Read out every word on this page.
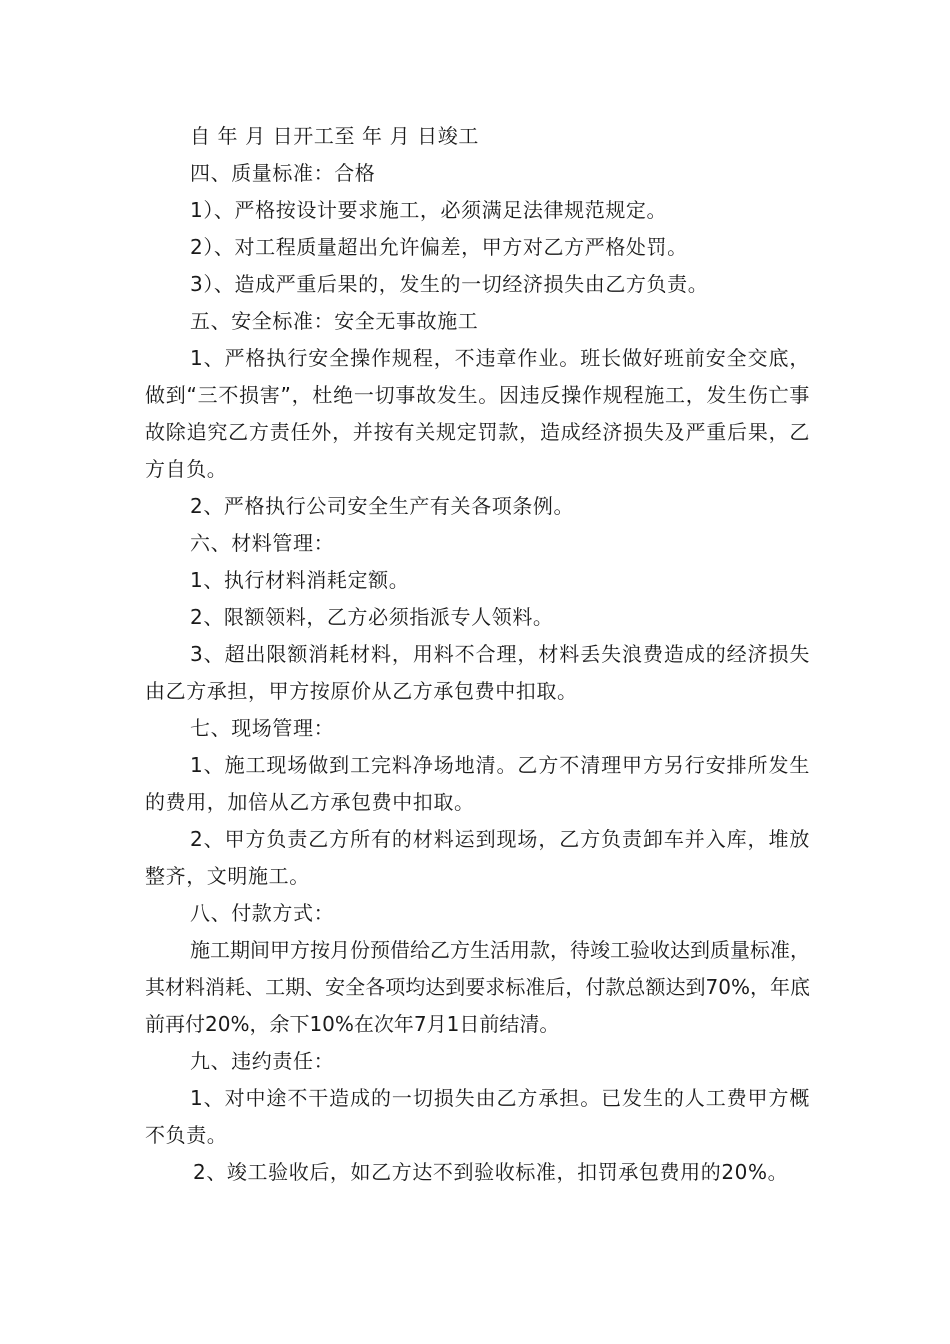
自 年 月 日开工至 年 月 日竣工

四、质量标准：合格

1）、严格按设计要求施工，必须满足法律规范规定。

2）、对工程质量超出允许偏差，甲方对乙方严格处罚。

3）、造成严重后果的，发生的一切经济损失由乙方负责。

五、安全标准：安全无事故施工

1、严格执行安全操作规程，不违章作业。班长做好班前安全交底，做到“三不损害”，杜绝一切事故发生。因违反操作规程施工，发生伤亡事故除追究乙方责任外，并按有关规定罚款，造成经济损失及严重后果，乙方自负。

2、严格执行公司安全生产有关各项条例。

六、材料管理：

1、执行材料消耗定额。

2、限额领料，乙方必须指派专人领料。

3、超出限额消耗材料，用料不合理，材料丢失浪费造成的经济损失由乙方承担，甲方按原价从乙方承包费中扣取。

七、现场管理：

1、施工现场做到工完料净场地清。乙方不清理甲方另行安排所发生的费用，加倍从乙方承包费中扣取。

2、甲方负责乙方所有的材料运到现场，乙方负责卸车并入库，堆放整齐，文明施工。

八、付款方式：

施工期间甲方按月份预借给乙方生活用款，待竣工验收达到质量标准，其材料消耗、工期、安全各项均达到要求标准后，付款总额达到70%，年底前再付20%，余下10%在次年7月1日前结清。

九、违约责任：

1、对中途不干造成的一切损失由乙方承担。已发生的人工费甲方概不负责。

2、竣工验收后，如乙方达不到验收标准，扣罚承包费用的20%。
